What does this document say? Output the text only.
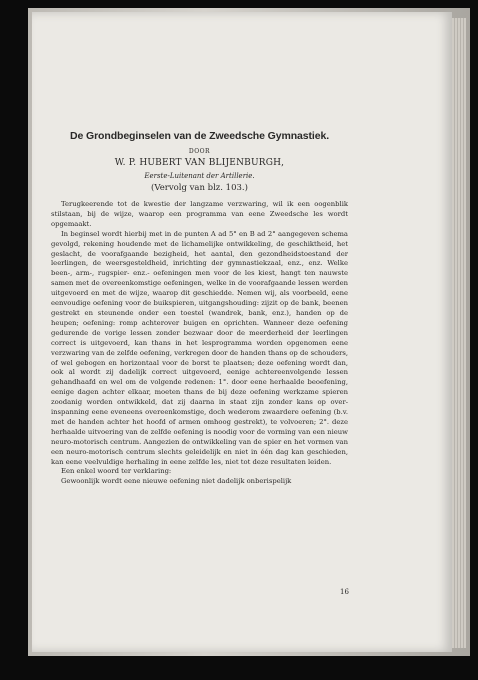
De Grondbeginselen van de Zweedsche Gymnastiek.
DOOR
W. P. HUBERT VAN BLIJENBURGH,
Eerste-Luitenant der Artillerie.
(Vervolg van blz. 103.)

Terugkeerende tot de kwestie der langzame verzwaring, wil ik een oogenblik stilstaan, bij de wijze, waarop een programma van eene Zweedsche les wordt opgemaakt.

In beginsel wordt hierbij met in de punten A ad 5° en B ad 2° aangegeven schema gevolgd, rekening houdende met de lichamelijke ontwikkeling, de geschiktheid, het geslacht, de voorafgaande bezigheid, het aantal, den gezondheidstoestand der leerlingen, de weersgesteldheid, inrichting der gymnastiekzaal, enz., enz. Welke been-, arm-, rugspier- enz.- oefeningen men voor de les kiest, hangt ten nauwste samen met de overeenkomstige oefeningen, welke in de voorafgaande lessen werden uitgevoerd en met de wijze, waarop dit geschiedde. Nemen wij, als voorbeeld, eene eenvoudige oefening voor de buikspieren, uitgangshouding: zijzit op de bank, beenen gestrekt en steunende onder een toestel (wandrek, bank, enz.), handen op de heupen; oefening: romp achterover buigen en oprichten. Wanneer deze oefening gedurende de vorige lessen zonder bezwaar door de meerderheid der leerlingen correct is uitgevoerd, kan thans in het lesprogramma worden opgenomen eene verzwaring van de zelfde oefening, verkregen door de handen thans op de schouders, of wel gebogen en horizontaal voor de borst te plaatsen; deze oefening wordt dan, ook al wordt zij dadelijk correct uitgevoerd, eenige achtereenvolgende lessen gehandhaafd en wel om de volgende redenen: 1°. door eene herhaalde beoefening, eenige dagen achter elkaar, moeten thans de bij deze oefening werkzame spieren zoodanig worden ontwikkeld, dat zij daarna in staat zijn zonder kans op over-inspanning eene eveneens overeenkomstige, doch wederom zwaardere oefening (b.v. met de handen achter het hoofd of armen omhoog gestrekt), te volvoeren; 2°. deze herhaalde uitvoering van de zelfde oefening is noodig voor de vorming van een nieuw neuro-motorisch centrum. Aangezien de ontwikkeling van de spier en het vormen van een neuro-motorisch centrum slechts geleidelijk en niet in één dag kan geschieden, kan eene veelvuldige herhaling in eene zelfde les, niet tot deze resultaten leiden.

Een enkel woord ter verklaring:

Gewoonlijk wordt eene nieuwe oefening niet dadelijk onberispelijk

16
